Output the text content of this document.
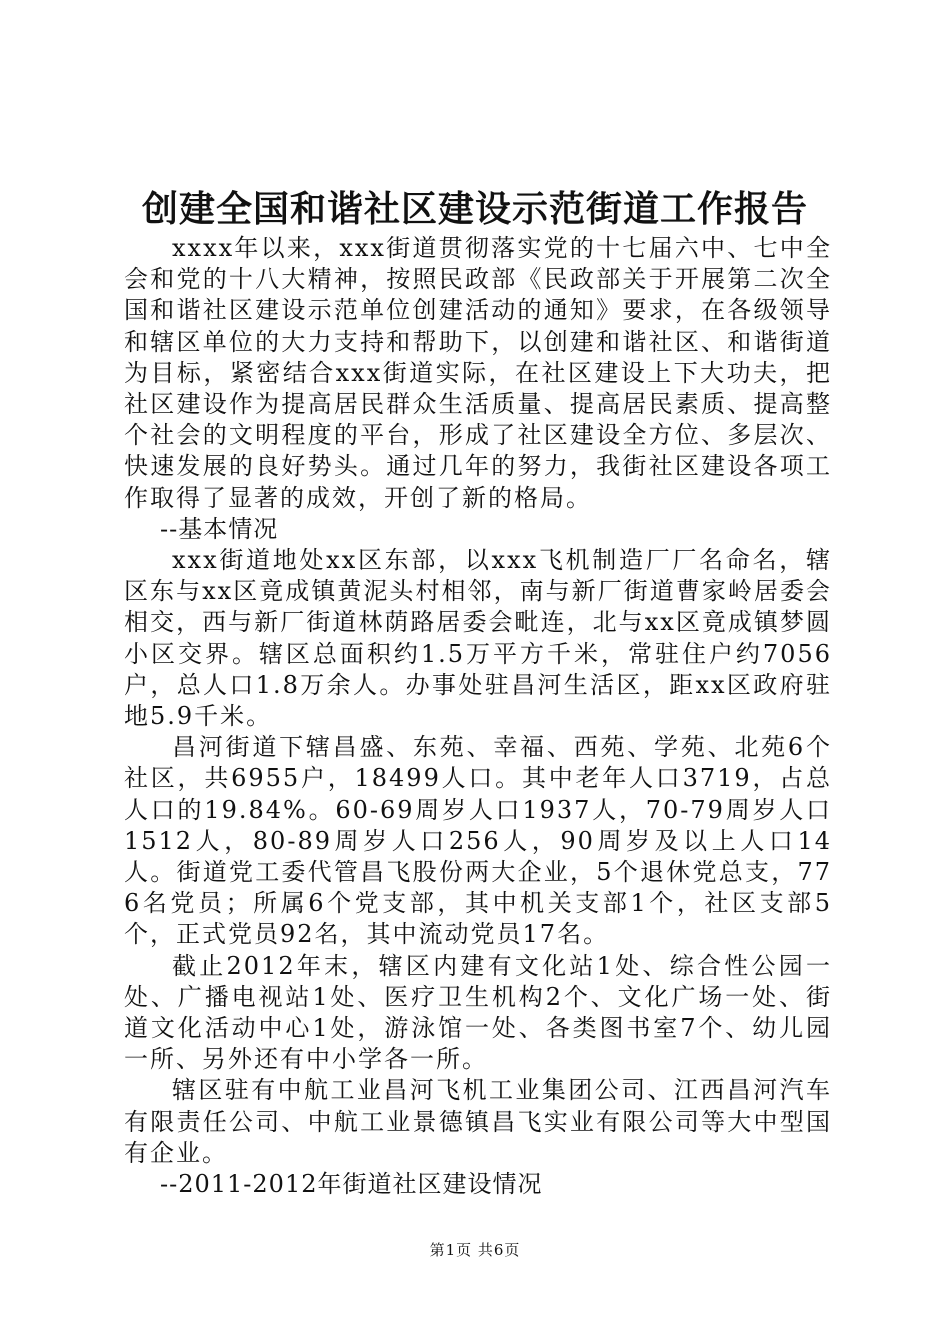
创建全国和谐社区建设示范街道工作报告

xxxx年以来，xxx街道贯彻落实党的十七届六中、七中全会和党的十八大精神，按照民政部《民政部关于开展第二次全国和谐社区建设示范单位创建活动的通知》要求，在各级领导和辖区单位的大力支持和帮助下，以创建和谐社区、和谐街道为目标，紧密结合xxx街道实际，在社区建设上下大功夫，把社区建设作为提高居民群众生活质量、提高居民素质、提高整个社会的文明程度的平台，形成了社区建设全方位、多层次、快速发展的良好势头。通过几年的努力，我街社区建设各项工作取得了显著的成效，开创了新的格局。

--基本情况

xxx街道地处xx区东部，以xxx飞机制造厂厂名命名，辖区东与xx区竟成镇黄泥头村相邻，南与新厂街道曹家岭居委会相交，西与新厂街道林荫路居委会毗连，北与xx区竟成镇梦圆小区交界。辖区总面积约1.5万平方千米，常驻住户约7056户，总人口1.8万余人。办事处驻昌河生活区，距xx区政府驻地5.9千米。

昌河街道下辖昌盛、东苑、幸福、西苑、学苑、北苑6个社区，共6955户，18499人口。其中老年人口3719，占总人口的19.84%。60-69周岁人口1937人，70-79周岁人口1512人，80-89周岁人口256人，90周岁及以上人口14人。街道党工委代管昌飞股份两大企业，5个退休党总支，776名党员；所属6个党支部，其中机关支部1个，社区支部5个，正式党员92名，其中流动党员17名。

截止2012年末，辖区内建有文化站1处、综合性公园一处、广播电视站1处、医疗卫生机构2个、文化广场一处、街道文化活动中心1处，游泳馆一处、各类图书室7个、幼儿园一所、另外还有中小学各一所。

辖区驻有中航工业昌河飞机工业集团公司、江西昌河汽车有限责任公司、中航工业景德镇昌飞实业有限公司等大中型国有企业。

--2011-2012年街道社区建设情况

第1页 共6页
